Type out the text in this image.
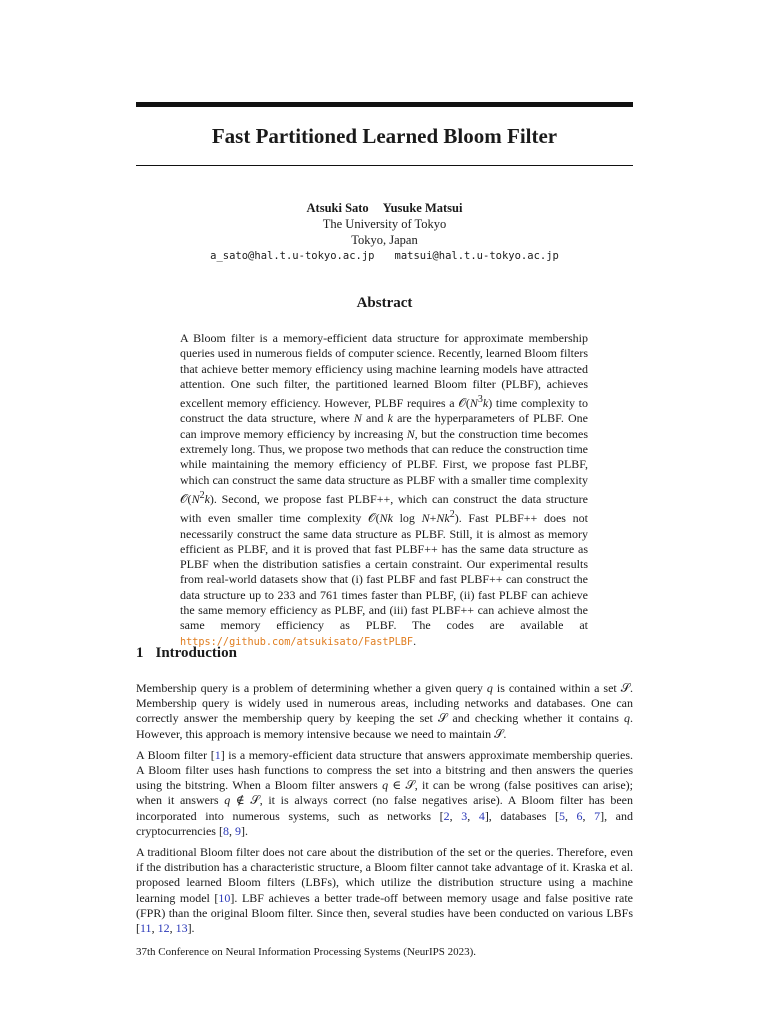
Fast Partitioned Learned Bloom Filter
Atsuki Sato Yusuke Matsui
The University of Tokyo
Tokyo, Japan
a_sato@hal.t.u-tokyo.ac.jp matsui@hal.t.u-tokyo.ac.jp
Abstract
A Bloom filter is a memory-efficient data structure for approximate membership queries used in numerous fields of computer science. Recently, learned Bloom filters that achieve better memory efficiency using machine learning models have attracted attention. One such filter, the partitioned learned Bloom filter (PLBF), achieves excellent memory efficiency. However, PLBF requires a $𝒪(N^3k)$ time complexity to construct the data structure, where N and k are the hyperparameters of PLBF. One can improve memory efficiency by increasing N, but the construction time becomes extremely long. Thus, we propose two methods that can reduce the construction time while maintaining the memory efficiency of PLBF. First, we propose fast PLBF, which can construct the same data structure as PLBF with a smaller time complexity $𝒪(N^2k)$. Second, we propose fast PLBF++, which can construct the data structure with even smaller time complexity 𝒪(Nk $\log N+Nk^2$). Fast PLBF++ does not necessarily construct the same data structure as PLBF. Still, it is almost as memory efficient as PLBF, and it is proved that fast PLBF++ has the same data structure as PLBF when the distribution satisfies a certain constraint. Our experimental results from real-world datasets show that (i) fast PLBF and fast PLBF++ can construct the data structure up to 233 and 761 times faster than PLBF, (ii) fast PLBF can achieve the same memory efficiency as PLBF, and (iii) fast PLBF++ can achieve almost the same memory efficiency as PLBF. The codes are available at https://github.com/atsukisato/FastPLBF.
1 Introduction

Membership query is a problem of determining whether a given query q is contained within a set 𝒮. Membership query is widely used in numerous areas, including networks and databases. One can correctly answer the membership query by keeping the set 𝒮 and checking whether it contains q. However, this approach is memory intensive because we need to maintain 𝒮.

A Bloom filter [1] is a memory-efficient data structure that answers approximate membership queries. A Bloom filter uses hash functions to compress the set into a bitstring and then answers the queries using the bitstring. When a Bloom filter answers q ∈ 𝒮, it can be wrong (false positives can arise); when it answers q ∉ 𝒮, it is always correct (no false negatives arise). A Bloom filter has been incorporated into numerous systems, such as networks [2, 3, 4], databases [5, 6, 7], and cryptocurrencies [8, 9].

A traditional Bloom filter does not care about the distribution of the set or the queries. Therefore, even if the distribution has a characteristic structure, a Bloom filter cannot take advantage of it. Kraska et al. proposed learned Bloom filters (LBFs), which utilize the distribution structure using a machine learning model [10]. LBF achieves a better trade-off between memory usage and false positive rate (FPR) than the original Bloom filter. Since then, several studies have been conducted on various LBFs [11, 12, 13].

37th Conference on Neural Information Processing Systems (NeurIPS 2023).
